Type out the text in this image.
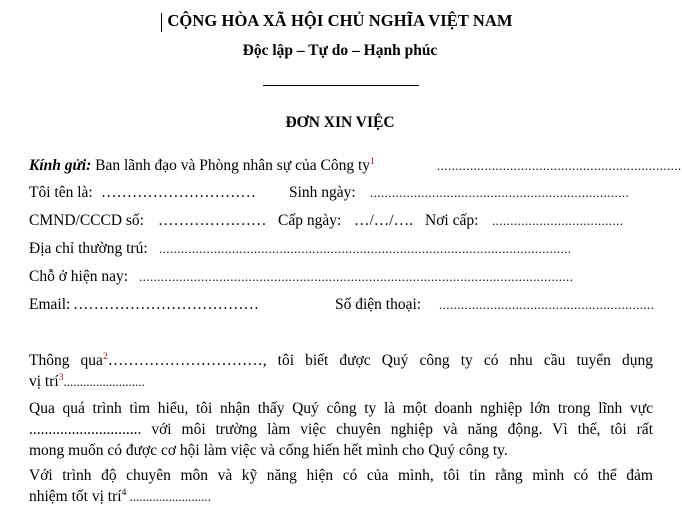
CỘNG HÒA XÃ HỘI CHỦ NGHĨA VIỆT NAM
Độc lập – Tự do – Hạnh phúc
ĐƠN XIN VIỆC
Kính gửi: Ban lãnh đạo và Phòng nhân sự của Công $ty^1$	...................................................................
Tôi tên là: ………………………… Sinh ngày: .......................................................................
CMND/CCCD số: ………………… Cấp ngày: …/…/…. Nơi cấp: ....................................
Địa chỉ thường trú: .................................................................................................................
Chỗ ở hiện nay: .......................................................................................................................
Email: ………………………………	Số điện thoại: ...........................................................
Thông qua$^2$…………………………, tôi biết được Quý công ty có nhu cầu tuyển dụng
vị trí$^3$.........................
Qua quá trình tìm hiểu, tôi nhận thấy Quý công ty là một doanh nghiệp lớn trong lĩnh vực
............................. với môi trường làm việc chuyên nghiệp và năng động. Vì thế, tôi rất
mong muốn có được cơ hội làm việc và cống hiến hết mình cho Quý công ty.
Với trình độ chuyên môn và kỹ năng hiện có của mình, tôi tin rằng mình có thể đảm
nhiệm tốt vị trí$^4$ .........................
